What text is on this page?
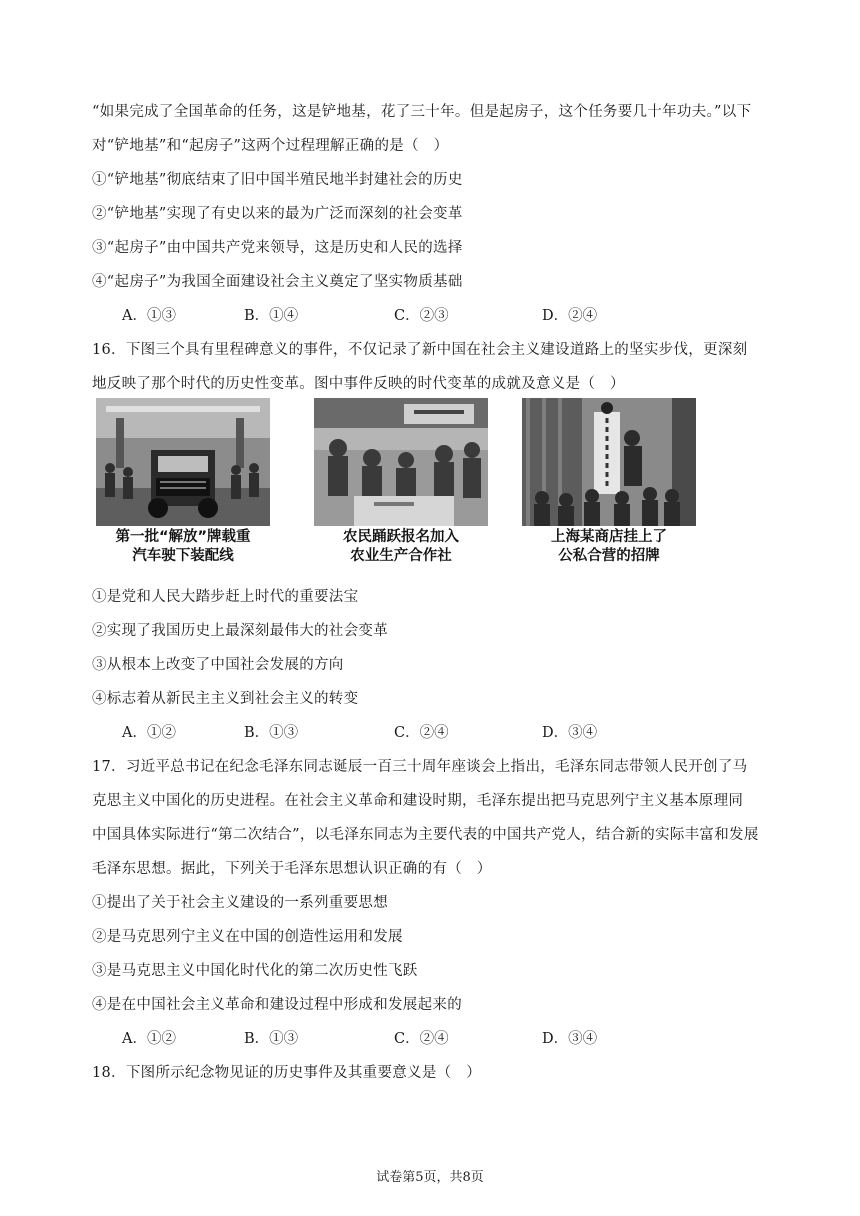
“如果完成了全国革命的任务，这是铲地基，花了三十年。但是起房子，这个任务要几十年功夫。”以下
对“铲地基”和“起房子”这两个过程理解正确的是（　）
①“铲地基”彻底结束了旧中国半殖民地半封建社会的历史
②“铲地基”实现了有史以来的最为广泛而深刻的社会变革
③“起房子”由中国共产党来领导，这是历史和人民的选择
④“起房子”为我国全面建设社会主义奠定了坚实物质基础
A．①③	B．①④	C．②③	D．②④
16．下图三个具有里程碑意义的事件，不仅记录了新中国在社会主义建设道路上的坚实步伐，更深刻
地反映了那个时代的历史性变革。图中事件反映的时代变革的成就及意义是（　）
第一批“解放”牌载重
汽车驶下装配线
农民踊跃报名加入
农业生产合作社
上海某商店挂上了
公私合营的招牌
①是党和人民大踏步赶上时代的重要法宝
②实现了我国历史上最深刻最伟大的社会变革
③从根本上改变了中国社会发展的方向
④标志着从新民主主义到社会主义的转变
A．①②	B．①③	C．②④	D．③④
17．习近平总书记在纪念毛泽东同志诞辰一百三十周年座谈会上指出，毛泽东同志带领人民开创了马
克思主义中国化的历史进程。在社会主义革命和建设时期，毛泽东提出把马克思列宁主义基本原理同
中国具体实际进行“第二次结合”，以毛泽东同志为主要代表的中国共产党人，结合新的实际丰富和发展
毛泽东思想。据此，下列关于毛泽东思想认识正确的有（　）
①提出了关于社会主义建设的一系列重要思想
②是马克思列宁主义在中国的创造性运用和发展
③是马克思主义中国化时代化的第二次历史性飞跃
④是在中国社会主义革命和建设过程中形成和发展起来的
A．①②	B．①③	C．②④	D．③④
18．下图所示纪念物见证的历史事件及其重要意义是（　）
试卷第5页，共8页
